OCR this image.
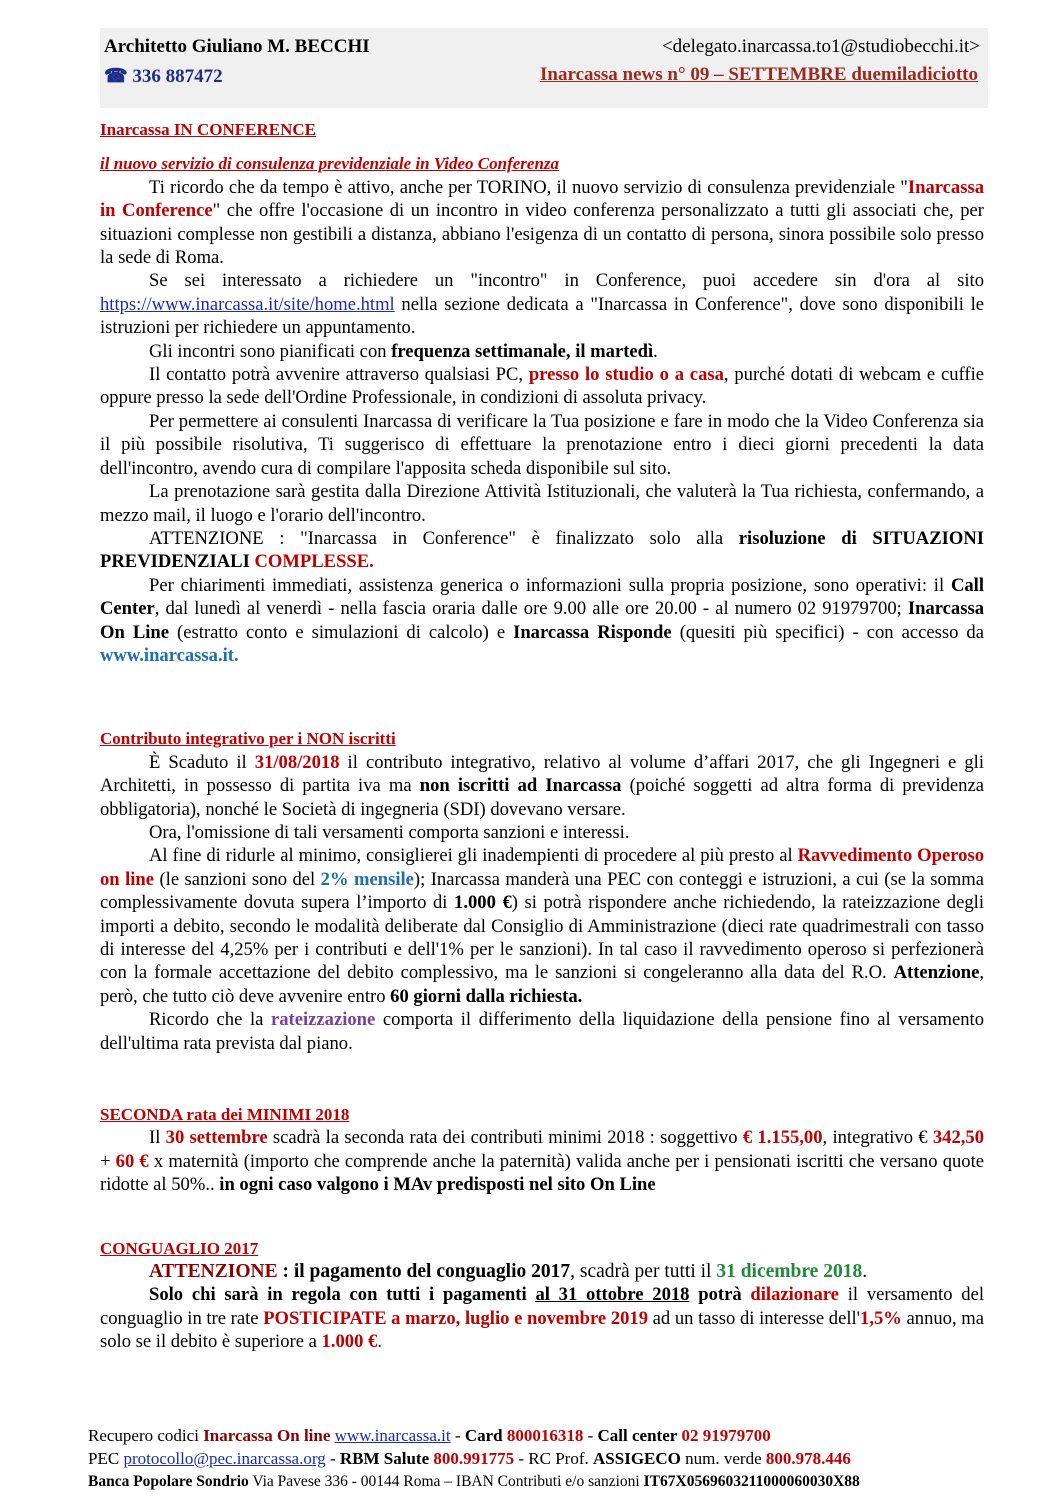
Architetto Giuliano M. BECCHI
☎ 336 887472
<delegato.inarcassa.to1@studiobecchi.it>
Inarcassa news n° 09 – SETTEMBRE duemiladiciotto
Inarcassa IN CONFERENCE
il nuovo servizio di consulenza previdenziale in Video Conferenza

Ti ricordo che da tempo è attivo, anche per TORINO, il nuovo servizio di consulenza previdenziale "Inarcassa in Conference" che offre l'occasione di un incontro in video conferenza personalizzato a tutti gli associati che, per situazioni complesse non gestibili a distanza, abbiano l'esigenza di un contatto di persona, sinora possibile solo presso la sede di Roma.

Se sei interessato a richiedere un "incontro" in Conference, puoi accedere sin d'ora al sito https://www.inarcassa.it/site/home.html nella sezione dedicata a "Inarcassa in Conference", dove sono disponibili le istruzioni per richiedere un appuntamento.

Gli incontri sono pianificati con frequenza settimanale, il martedì.

Il contatto potrà avvenire attraverso qualsiasi PC, presso lo studio o a casa, purché dotati di webcam e cuffie oppure presso la sede dell'Ordine Professionale, in condizioni di assoluta privacy.

Per permettere ai consulenti Inarcassa di verificare la Tua posizione e fare in modo che la Video Conferenza sia il più possibile risolutiva, Ti suggerisco di effettuare la prenotazione entro i dieci giorni precedenti la data dell'incontro, avendo cura di compilare l'apposita scheda disponibile sul sito.

La prenotazione sarà gestita dalla Direzione Attività Istituzionali, che valuterà la Tua richiesta, confermando, a mezzo mail, il luogo e l'orario dell'incontro.

ATTENZIONE : "Inarcassa in Conference" è finalizzato solo alla risoluzione di SITUAZIONI PREVIDENZIALI COMPLESSE.

Per chiarimenti immediati, assistenza generica o informazioni sulla propria posizione, sono operativi: il Call Center, dal lunedì al venerdì - nella fascia oraria dalle ore 9.00 alle ore 20.00 - al numero 02 91979700; Inarcassa On Line (estratto conto e simulazioni di calcolo) e Inarcassa Risponde (quesiti più specifici) - con accesso da www.inarcassa.it.

Contributo integrativo per i NON iscritti

È Scaduto il 31/08/2018 il contributo integrativo, relativo al volume d’affari 2017, che gli Ingegneri e gli Architetti, in possesso di partita iva ma non iscritti ad Inarcassa (poiché soggetti ad altra forma di previdenza obbligatoria), nonché le Società di ingegneria (SDI) dovevano versare.

Ora, l'omissione di tali versamenti comporta sanzioni e interessi.

Al fine di ridurle al minimo, consiglierei gli inadempienti di procedere al più presto al Ravvedimento Operoso on line (le sanzioni sono del 2% mensile); Inarcassa manderà una PEC con conteggi e istruzioni, a cui (se la somma complessivamente dovuta supera l’importo di 1.000 €) si potrà rispondere anche richiedendo, la rateizzazione degli importi a debito, secondo le modalità deliberate dal Consiglio di Amministrazione (dieci rate quadrimestrali con tasso di interesse del 4,25% per i contributi e dell'1% per le sanzioni). In tal caso il ravvedimento operoso si perfezionerà con la formale accettazione del debito complessivo, ma le sanzioni si congeleranno alla data del R.O. Attenzione, però, che tutto ciò deve avvenire entro 60 giorni dalla richiesta.

Ricordo che la rateizzazione comporta il differimento della liquidazione della pensione fino al versamento dell'ultima rata prevista dal piano.

SECONDA rata dei MINIMI 2018

Il 30 settembre scadrà la seconda rata dei contributi minimi 2018 : soggettivo € 1.155,00, integrativo € 342,50 + 60 € x maternità (importo che comprende anche la paternità) valida anche per i pensionati iscritti che versano quote ridotte al 50%.. in ogni caso valgono i MAv predisposti nel sito On Line

CONGUAGLIO 2017

ATTENZIONE : il pagamento del conguaglio 2017, scadrà per tutti il 31 dicembre 2018.

Solo chi sarà in regola con tutti i pagamenti al 31 ottobre 2018 potrà dilazionare il versamento del conguaglio in tre rate POSTICIPATE a marzo, luglio e novembre 2019 ad un tasso di interesse dell'1,5% annuo, ma solo se il debito è superiore a 1.000 €.

Recupero codici Inarcassa On line www.inarcassa.it - Card 800016318 - Call center 02 91979700
PEC protocollo@pec.inarcassa.org - RBM Salute 800.991775 - RC Prof. ASSIGECO num. verde 800.978.446
Banca Popolare Sondrio Via Pavese 336 - 00144 Roma – IBAN Contributi e/o sanzioni IT67X0569603211000060030X88
